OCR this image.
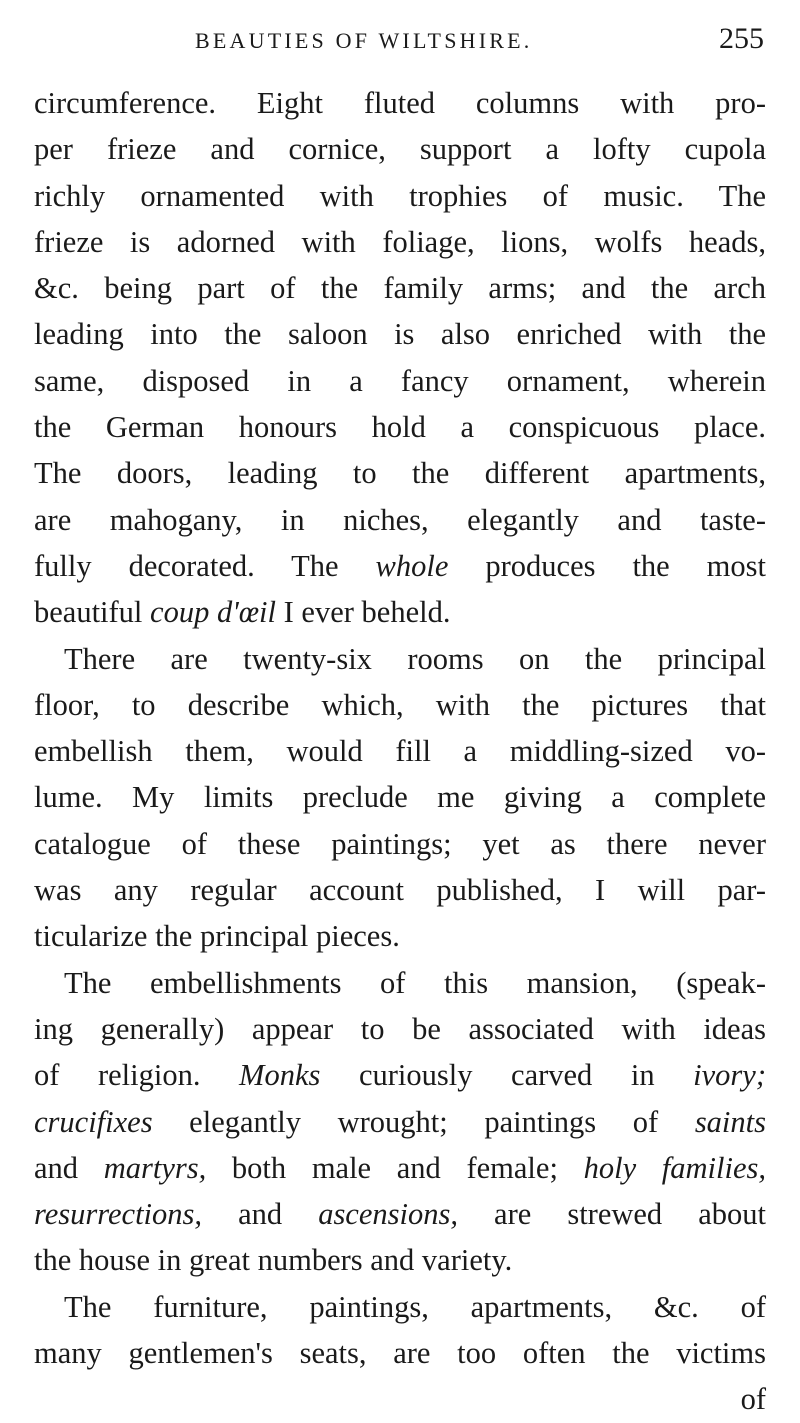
BEAUTIES OF WILTSHIRE.	255
circumference. Eight fluted columns with pro-
per frieze and cornice, support a lofty cupola
richly ornamented with trophies of music. The
frieze is adorned with foliage, lions, wolfs heads,
&c. being part of the family arms; and the arch
leading into the saloon is also enriched with the
same, disposed in a fancy ornament, wherein
the German honours hold a conspicuous place.
The doors, leading to the different apartments,
are mahogany, in niches, elegantly and taste-
fully decorated. The whole produces the most
beautiful coup d'œil I ever beheld.
There are twenty-six rooms on the principal
floor, to describe which, with the pictures that
embellish them, would fill a middling-sized vo-
lume. My limits preclude me giving a complete
catalogue of these paintings; yet as there never
was any regular account published, I will par-
ticularize the principal pieces.
The embellishments of this mansion, (speak-
ing generally) appear to be associated with ideas
of religion. Monks curiously carved in ivory;
crucifixes elegantly wrought; paintings of saints
and martyrs, both male and female; holy families,
resurrections, and ascensions, are strewed about
the house in great numbers and variety.
The furniture, paintings, apartments, &c. of
many gentlemen's seats, are too often the victims
of
